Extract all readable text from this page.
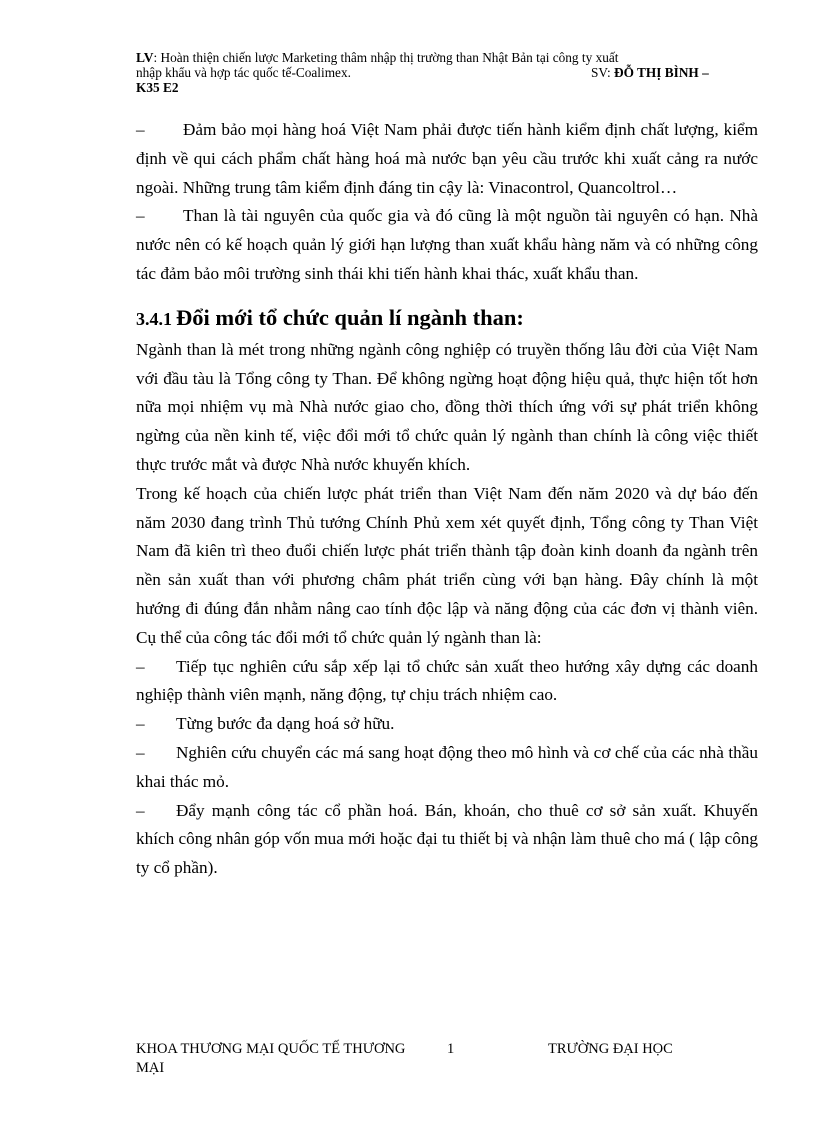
LV: Hoàn thiện chiến lược Marketing thâm nhập thị trường than Nhật Bản tại công ty xuất
nhập khẩu và hợp tác quốc tế-Coalimex.	SV: ĐỖ THỊ BÌNH –
K35 E2

– Đảm bảo mọi hàng hoá Việt Nam phải được tiến hành kiểm định chất lượng, kiểm định về qui cách phẩm chất hàng hoá mà nước bạn yêu cầu trước khi xuất cảng ra nước ngoài. Những trung tâm kiểm định đáng tin cậy là: Vinacontrol, Quancoltrol…

– Than là tài nguyên của quốc gia và đó cũng là một nguồn tài nguyên có hạn. Nhà nước nên có kế hoạch quản lý giới hạn lượng than xuất khẩu hàng năm và có những công tác đảm bảo môi trường sinh thái khi tiến hành khai thác, xuất khẩu than.

3.4.1 Đổi mới tổ chức quản lí ngành than:

Ngành than là mét trong những ngành công nghiệp có truyền thống lâu đời của Việt Nam với đầu tàu là Tổng công ty Than. Để không ngừng hoạt động hiệu quả, thực hiện tốt hơn nữa mọi nhiệm vụ mà Nhà nước giao cho, đồng thời thích ứng với sự phát triển không ngừng của nền kinh tế, việc đổi mới tổ chức quản lý ngành than chính là công việc thiết thực trước mắt và được Nhà nước khuyến khích.

Trong kế hoạch của chiến lược phát triển than Việt Nam đến năm 2020 và dự báo đến năm 2030 đang trình Thủ tướng Chính Phủ xem xét quyết định, Tổng công ty Than Việt Nam đã kiên trì theo đuổi chiến lược phát triển thành tập đoàn kinh doanh đa ngành trên nền sản xuất than với phương châm phát triển cùng với bạn hàng. Đây chính là một hướng đi đúng đắn nhằm nâng cao tính độc lập và năng động của các đơn vị thành viên. Cụ thể của công tác đổi mới tổ chức quản lý ngành than là:

– Tiếp tục nghiên cứu sắp xếp lại tổ chức sản xuất theo hướng xây dựng các doanh nghiệp thành viên mạnh, năng động, tự chịu trách nhiệm cao.

– Từng bước đa dạng hoá sở hữu.

– Nghiên cứu chuyển các má sang hoạt động theo mô hình và cơ chế của các nhà thầu khai thác mỏ.

– Đẩy mạnh công tác cổ phần hoá. Bán, khoán, cho thuê cơ sở sản xuất. Khuyến khích công nhân góp vốn mua mới hoặc đại tu thiết bị và nhận làm thuê cho má ( lập công ty cổ phần).

KHOA THƯƠNG MẠI QUỐC TẾ THƯƠNG MẠI
1	TRƯỜNG ĐẠI HỌC
